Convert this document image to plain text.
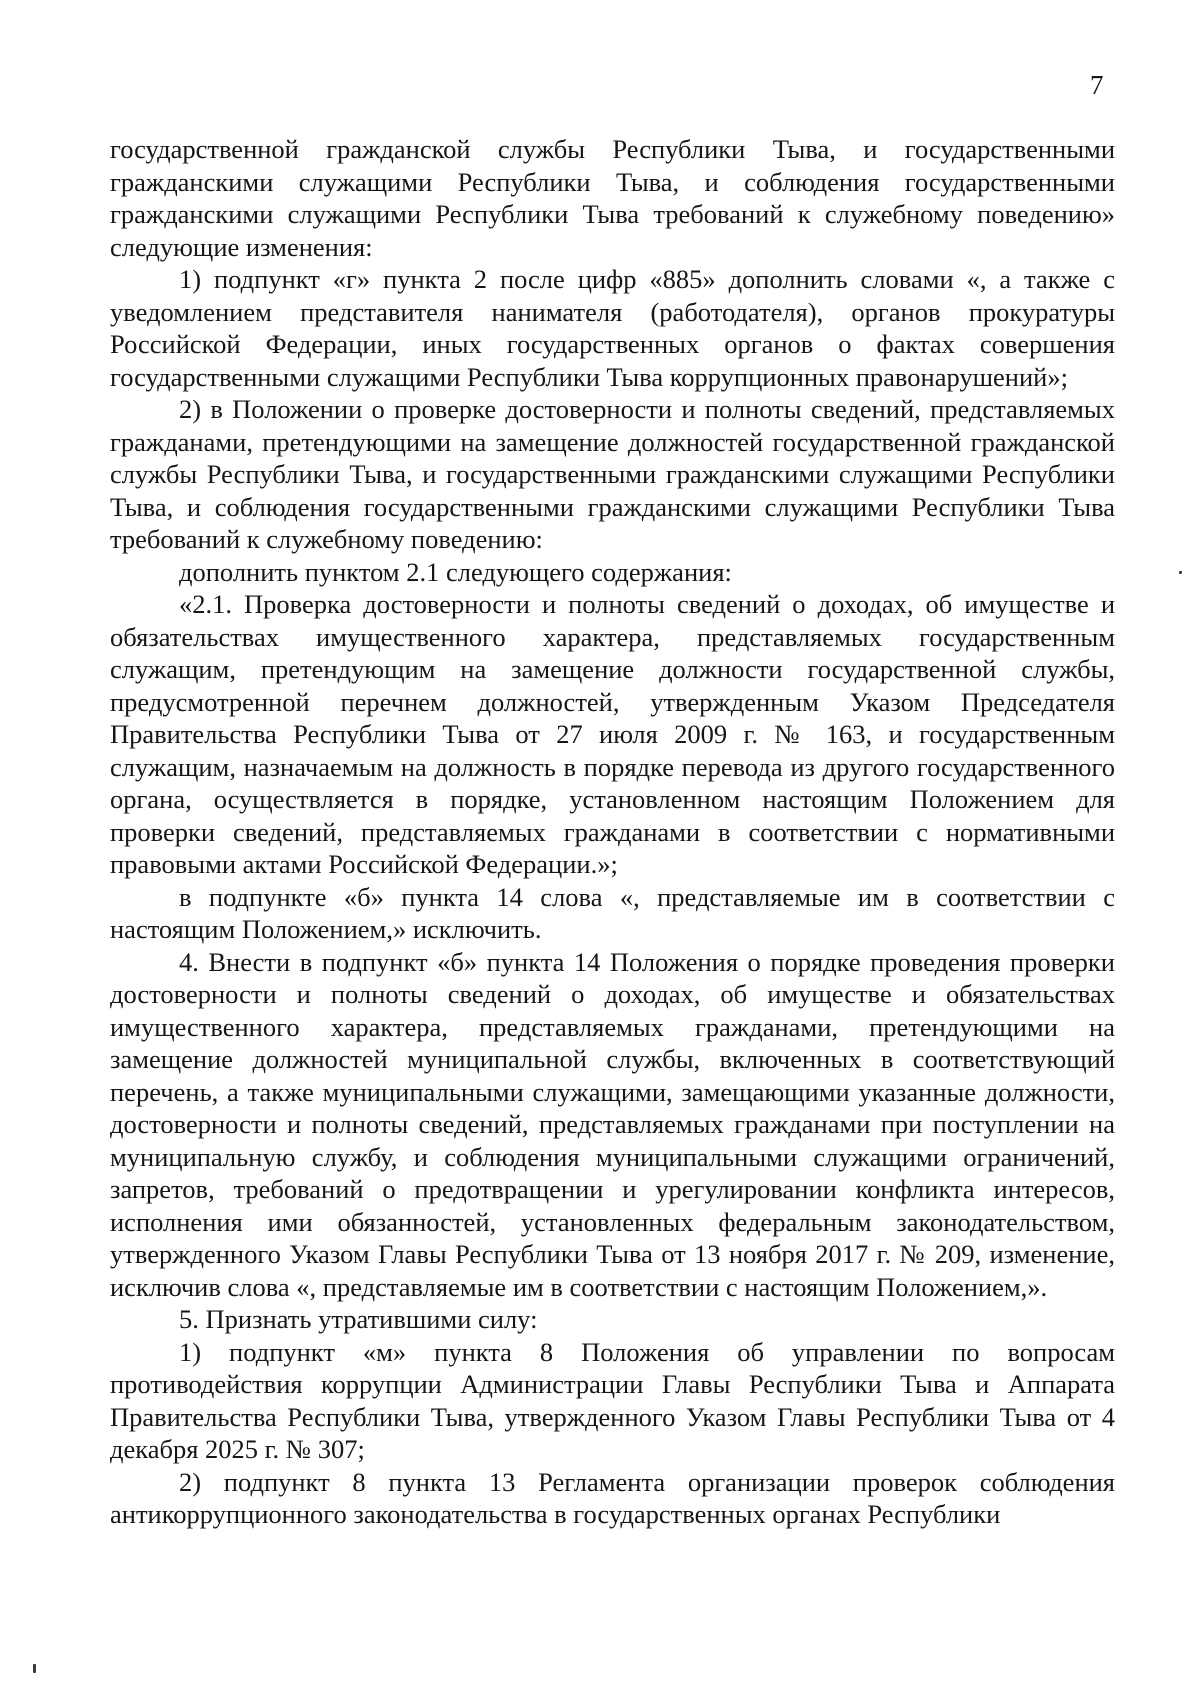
7

государственной гражданской службы Республики Тыва, и государственными гражданскими служащими Республики Тыва, и соблюдения государственными гражданскими служащими Республики Тыва требований к служебному поведению» следующие изменения:

1) подпункт «г» пункта 2 после цифр «885» дополнить словами «, а также с уведомлением представителя нанимателя (работодателя), органов прокуратуры Российской Федерации, иных государственных органов о фактах совершения государственными служащими Республики Тыва коррупционных правонарушений»;

2) в Положении о проверке достоверности и полноты сведений, представляемых гражданами, претендующими на замещение должностей государственной гражданской службы Республики Тыва, и государственными гражданскими служащими Республики Тыва, и соблюдения государственными гражданскими служащими Республики Тыва требований к служебному поведению:

дополнить пунктом 2.1 следующего содержания:

«2.1. Проверка достоверности и полноты сведений о доходах, об имуществе и обязательствах имущественного характера, представляемых государственным служащим, претендующим на замещение должности государственной службы, предусмотренной перечнем должностей, утвержденным Указом Председателя Правительства Республики Тыва от 27 июля 2009 г. № 163, и государственным служащим, назначаемым на должность в порядке перевода из другого государственного органа, осуществляется в порядке, установленном настоящим Положением для проверки сведений, представляемых гражданами в соответствии с нормативными правовыми актами Российской Федерации.»;

в подпункте «б» пункта 14 слова «, представляемые им в соответствии с настоящим Положением,» исключить.

4. Внести в подпункт «б» пункта 14 Положения о порядке проведения проверки достоверности и полноты сведений о доходах, об имуществе и обязательствах имущественного характера, представляемых гражданами, претендующими на замещение должностей муниципальной службы, включенных в соответствующий перечень, а также муниципальными служащими, замещающими указанные должности, достоверности и полноты сведений, представляемых гражданами при поступлении на муниципальную службу, и соблюдения муниципальными служащими ограничений, запретов, требований о предотвращении и урегулировании конфликта интересов, исполнения ими обязанностей, установленных федеральным законодательством, утвержденного Указом Главы Республики Тыва от 13 ноября 2017 г. № 209, изменение, исключив слова «, представляемые им в соответствии с настоящим Положением,».

5. Признать утратившими силу:

1) подпункт «м» пункта 8 Положения об управлении по вопросам противодействия коррупции Администрации Главы Республики Тыва и Аппарата Правительства Республики Тыва, утвержденного Указом Главы Республики Тыва от 4 декабря 2025 г. № 307;

2) подпункт 8 пункта 13 Регламента организации проверок соблюдения антикоррупционного законодательства в государственных органах Республики
